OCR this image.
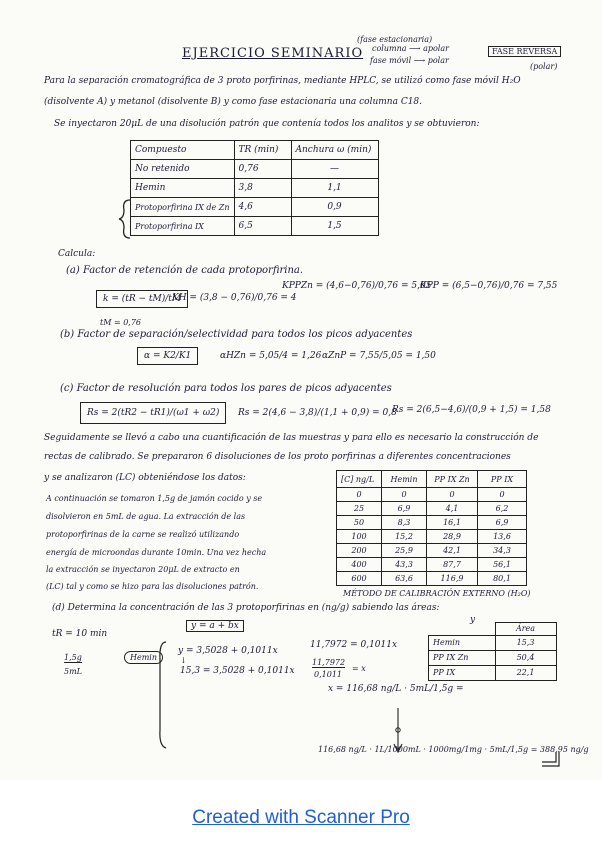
EJERCICIO SEMINARIO
(fase estacionaria)
columna ⟶ apolar
fase móvil ⟶ polar
(polar)
FASE REVERSA
Para la separación cromatográfica de 3 proto porfirinas, mediante HPLC, se utilizó como fase móvil H₂O
(disolvente A) y metanol (disolvente B) y como fase estacionaria una columna C18.
Se inyectaron 20μL de una disolución patrón que contenía todos los analitos y se obtuvieron:
Compuesto	TR (min)	Anchura ω (min)
No retenido	0,76	—
Hemin	3,8	1,1
Protoporfirina IX de Zn	4,6	0,9
Protoporfirina IX	6,5	1,5
Calcula:
(a) Factor de retención de cada protoporfirina.
k = (tR − tM)/tM
KH = (3,8 − 0,76)/0,76 = 4
KPPZn = (4,6−0,76)/0,76 = 5,05
KPP = (6,5−0,76)/0,76 = 7,55
tM = 0,76
(b) Factor de separación/selectividad para todos los picos adyacentes
α = K2/K1	αHZn = 5,05/4 = 1,26 αZnP = 7,55/5,05 = 1,50
(c) Factor de resolución para todos los pares de picos adyacentes
Rs = 2(tR2 − tR1)/(ω1 + ω2)	Rs = 2(4,6 − 3,8)/(1,1 + 0,9) = 0,8
Rs = 2(6,5−4,6)/(0,9 + 1,5) = 1,58
Seguidamente se llevó a cabo una cuantificación de las muestras y para ello es necesario la construcción de
rectas de calibrado. Se prepararon 6 disoluciones de los proto porfirinas a diferentes concentraciones
y se analizaron (LC) obteniéndose los datos:	[C] ng/L	Hemin	PP IX Zn	PP IX
0	0	0	0
25	6,9	4,1	6,2
50	8,3	16,1	6,9
100	15,2	28,9	13,6
200	25,9	42,1	34,3
400	43,3	87,7	56,1
600	63,6	116,9	80,1
A continuación se tomaron 1,5g de jamón cocido y se
disolvieron en 5mL de agua. La extracción de las
protoporfirinas de la carne se realizó utilizando
energía de microondas durante 10min. Una vez hecha
la extracción se inyectaron 20μL de extracto en
(LC) tal y como se hizo para las disoluciones patrón.
MÉTODO DE CALIBRACIÓN EXTERNO (H₂O)
(d) Determina la concentración de las 3 protoporfirinas en (ng/g) sabiendo las áreas:
y
	Área
Hemin	15,3
PP IX Zn	50,4
PP IX	22,1
tR = 10 min
1,5g
5mL
Hemin
y = a + bx
y = 3,5028 + 0,1011x
15,3 = 3,5028 + 0,1011x
↓
11,7972 = 0,1011x
11,7972
0,1011
= x
x = 116,68 ng/L · 5mL/1,5g =
116,68 ng/L · 1L/1000mL · 1000mg/1mg · 5mL/1,5g = 388,95 ng/g
Created with Scanner Pro
